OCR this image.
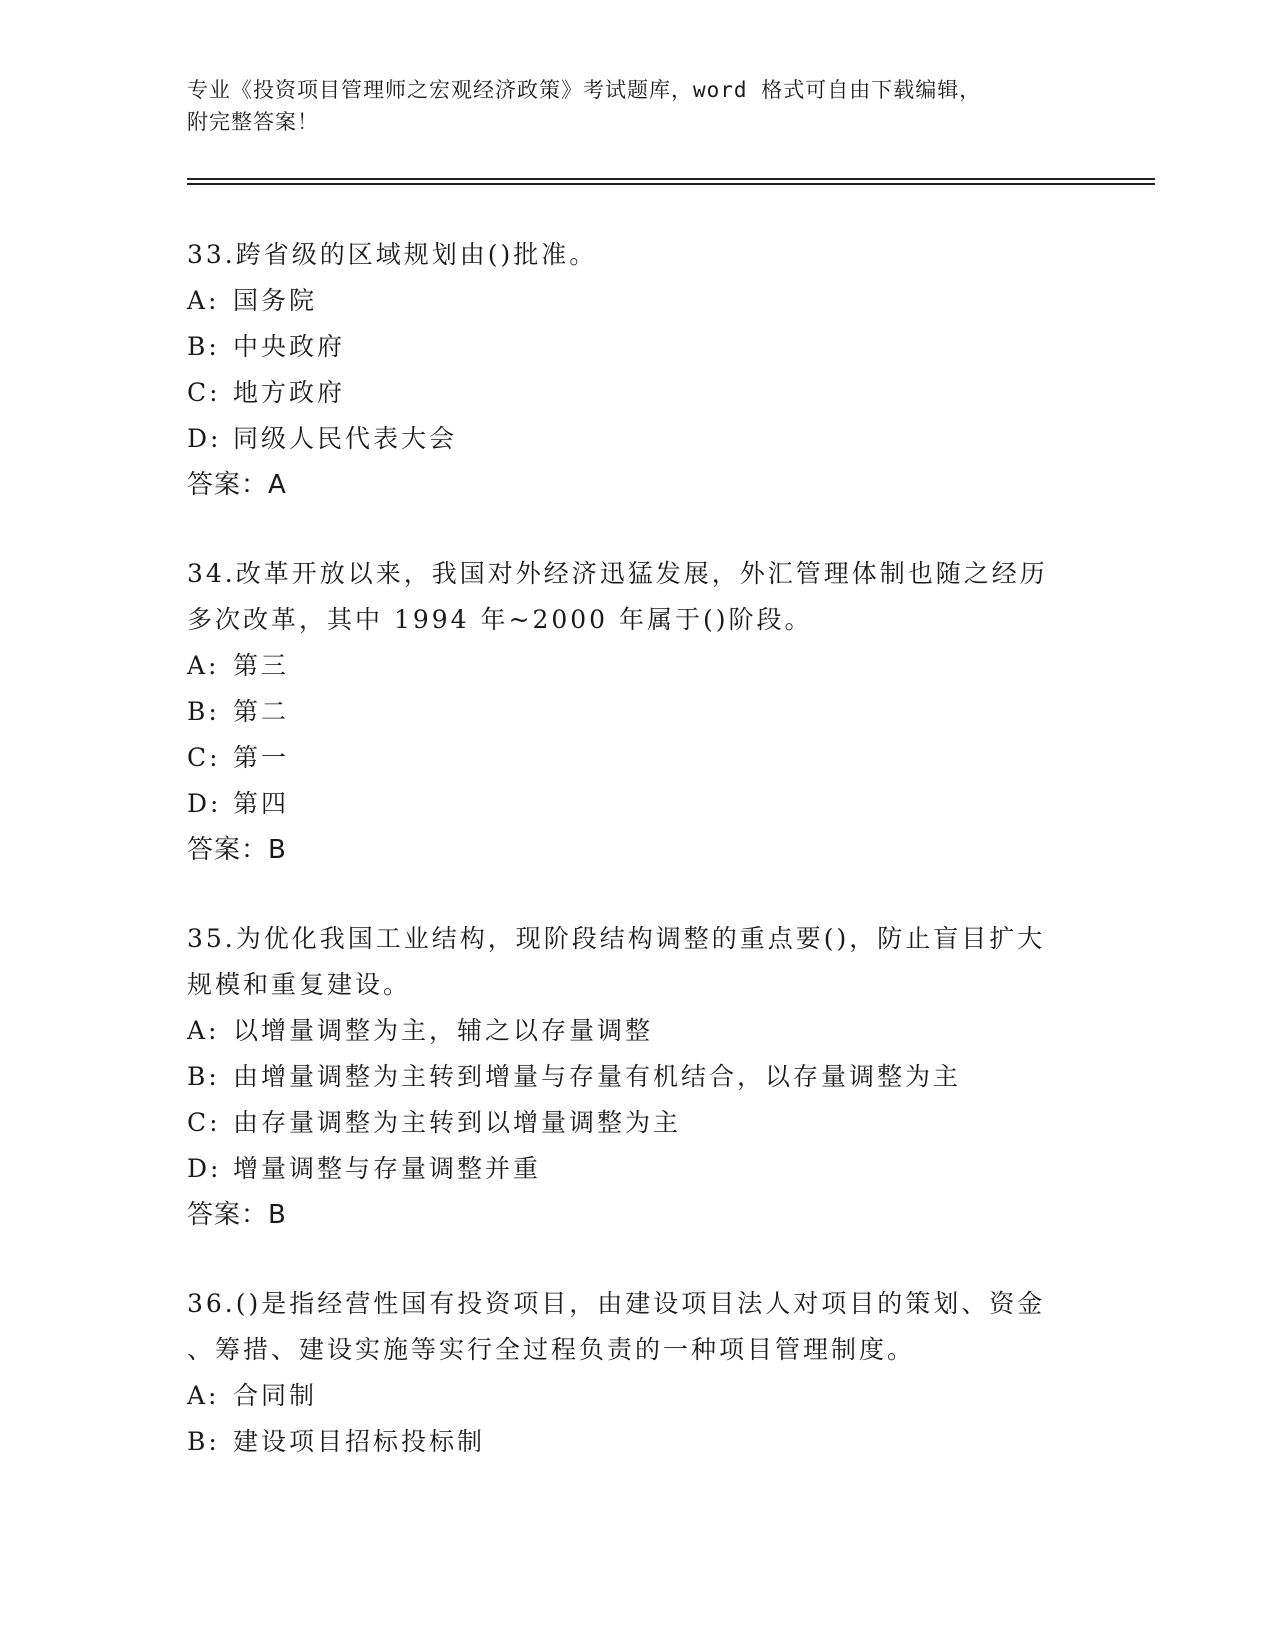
专业《投资项目管理师之宏观经济政策》考试题库，word 格式可自由下载编辑，
附完整答案！
33.跨省级的区域规划由()批准。
A: 国务院
B: 中央政府
C: 地方政府
D: 同级人民代表大会
答案：A
34.改革开放以来，我国对外经济迅猛发展，外汇管理体制也随之经历
多次改革，其中 1994 年~2000 年属于()阶段。
A: 第三
B: 第二
C: 第一
D: 第四
答案：B
35.为优化我国工业结构，现阶段结构调整的重点要()，防止盲目扩大
规模和重复建设。
A: 以增量调整为主，辅之以存量调整
B: 由增量调整为主转到增量与存量有机结合，以存量调整为主
C: 由存量调整为主转到以增量调整为主
D: 增量调整与存量调整并重
答案：B
36.()是指经营性国有投资项目，由建设项目法人对项目的策划、资金
、筹措、建设实施等实行全过程负责的一种项目管理制度。
A: 合同制
B: 建设项目招标投标制
